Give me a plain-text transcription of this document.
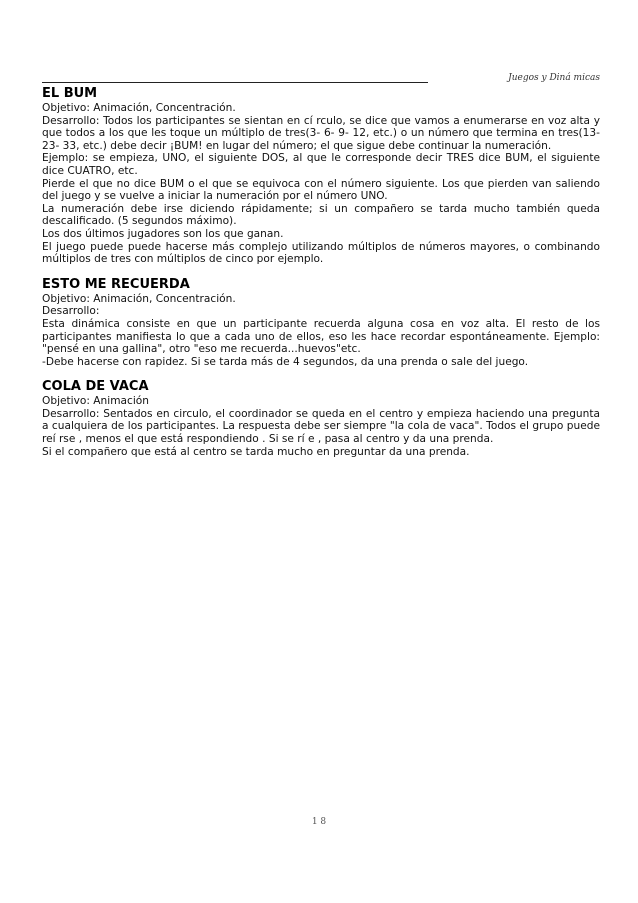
Juegos y Diná micas
EL BUM

Objetivo: Animación, Concentración.

Desarrollo: Todos los participantes se sientan en cí rculo, se dice que vamos a enumerarse en voz alta y que todos a los que les toque un múltiplo de tres(3- 6- 9- 12, etc.) o un número que termina en tres(13- 23- 33, etc.) debe decir ¡BUM! en lugar del número; el que sigue debe continuar la numeración.

Ejemplo: se empieza, UNO, el siguiente DOS, al que le corresponde decir TRES dice BUM, el siguiente dice CUATRO, etc.

Pierde el que no dice BUM o el que se equivoca con el número siguiente. Los que pierden van saliendo del juego y se vuelve a iniciar la numeración por el número UNO.

La numeración debe irse diciendo rápidamente; si un compañero se tarda mucho también queda descalificado. (5 segundos máximo).

Los dos últimos jugadores son los que ganan.

El juego puede puede hacerse más complejo utilizando múltiplos de números mayores, o combinando múltiplos de tres con múltiplos de cinco por ejemplo.

ESTO ME RECUERDA

Objetivo: Animación, Concentración.

Desarrollo:

Esta dinámica consiste en que un participante recuerda alguna cosa en voz alta. El resto de los participantes manifiesta lo que a cada uno de ellos, eso les hace recordar espontáneamente. Ejemplo: "pensé en una gallina", otro "eso me recuerda...huevos"etc.

-Debe hacerse con rapidez. Si se tarda más de 4 segundos, da una prenda o sale del juego.

COLA DE VACA

Objetivo: Animación

Desarrollo: Sentados en circulo, el coordinador se queda en el centro y empieza haciendo una pregunta a cualquiera de los participantes. La respuesta debe ser siempre "la cola de vaca". Todos el grupo puede reí rse , menos el que está respondiendo . Si se rí e , pasa al centro y da una prenda.

Si el compañero que está al centro se tarda mucho en preguntar da una prenda.

1 8
